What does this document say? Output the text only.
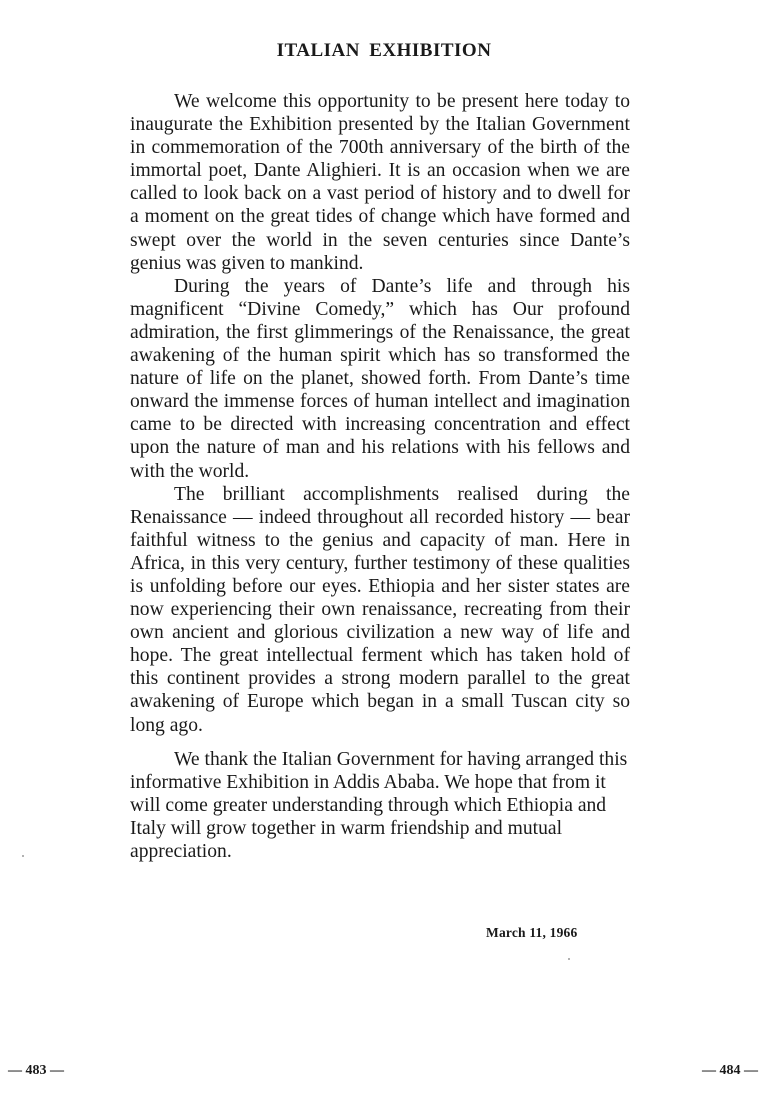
ITALIAN EXHIBITION

We welcome this opportunity to be present here today to inaugurate the Exhibition presented by the Italian Government in commemoration of the 700th anniversary of the birth of the immortal poet, Dante Alighieri. It is an occasion when we are called to look back on a vast period of history and to dwell for a moment on the great tides of change which have formed and swept over the world in the seven centuries since Dante’s genius was given to mankind.

During the years of Dante’s life and through his magnificent “Divine Comedy,” which has Our profound admiration, the first glimmerings of the Renaissance, the great awakening of the human spirit which has so transformed the nature of life on the planet, showed forth. From Dante’s time onward the immense forces of human intellect and imagination came to be directed with increasing concentration and effect upon the nature of man and his relations with his fellows and with the world.

The brilliant accomplishments realised during the Renaissance — indeed throughout all recorded history — bear faithful witness to the genius and capacity of man. Here in Africa, in this very century, further testimony of these qualities is unfolding before our eyes. Ethiopia and her sister states are now experiencing their own renaissance, recreating from their own ancient and glorious civilization a new way of life and hope. The great intellectual ferment which has taken hold of this continent provides a strong modern parallel to the great awakening of Europe which began in a small Tuscan city so long ago.

We thank the Italian Government for having arranged this informative Exhibition in Addis Ababa. We hope that from it will come greater understanding through which Ethiopia and Italy will grow together in warm friendship and mutual appreciation.

March 11, 1966
— 483 —	— 484 —
